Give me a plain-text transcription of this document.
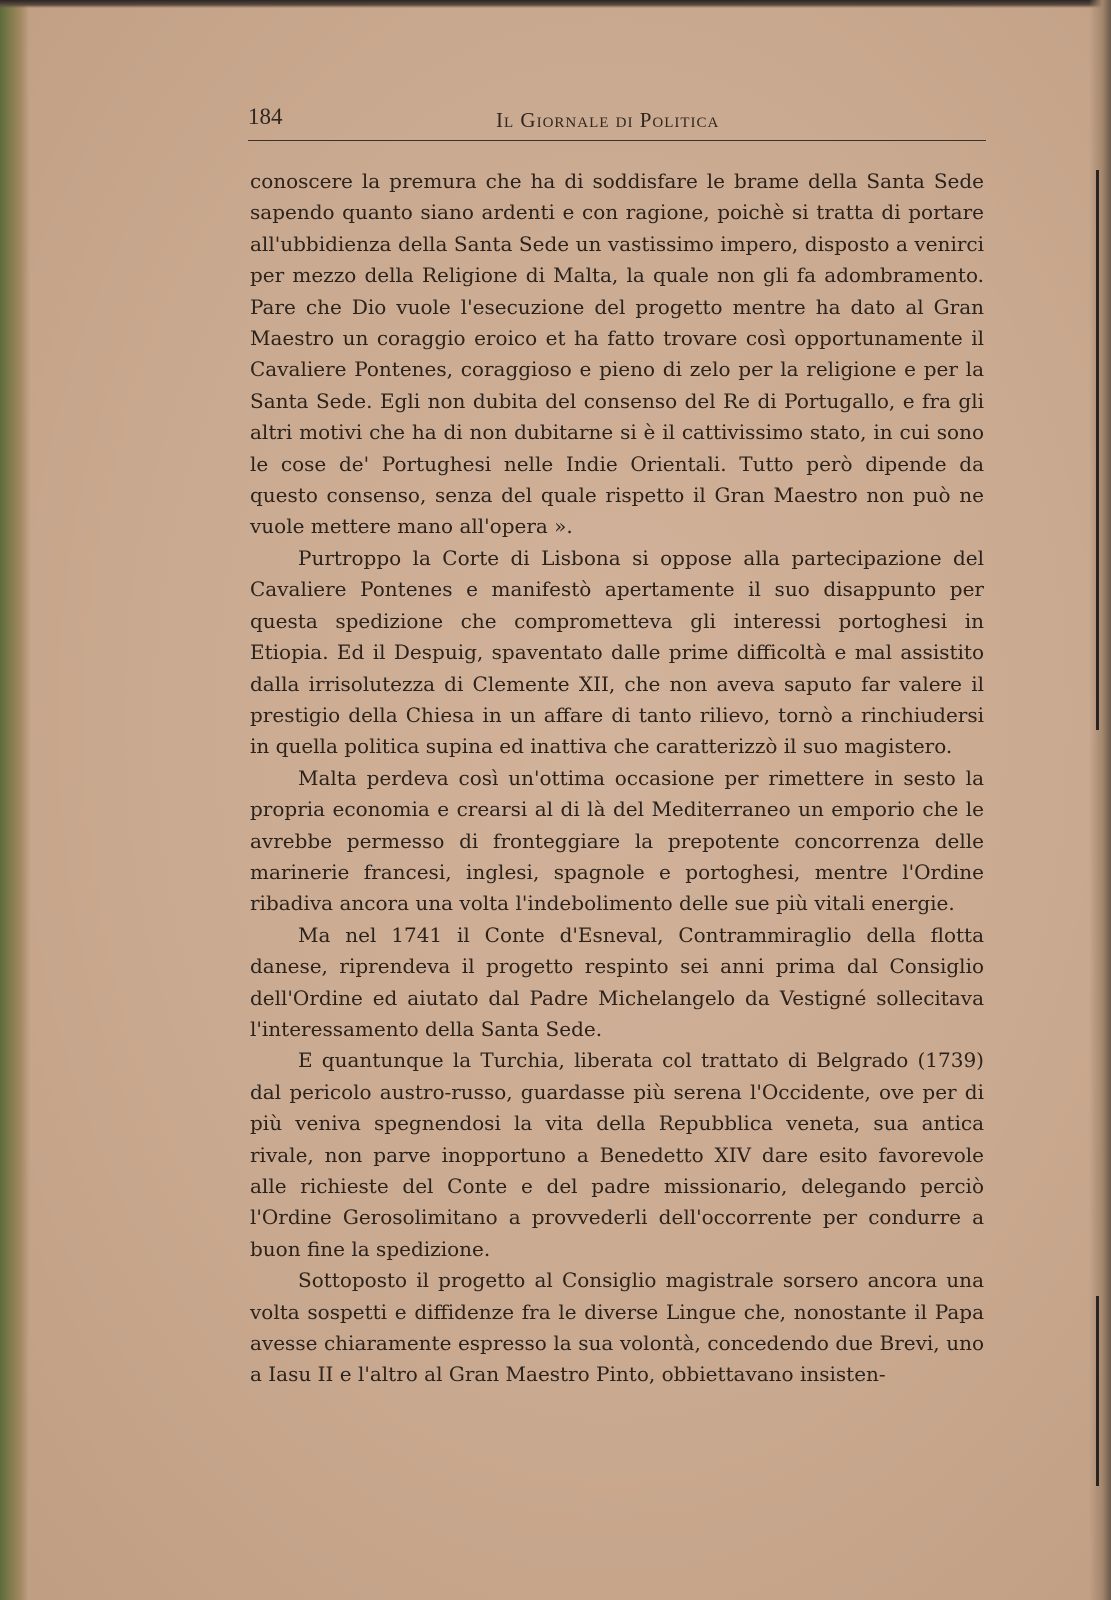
184	Il Giornale di Politica

conoscere la premura che ha di soddisfare le brame della Santa Sede sapendo quanto siano ardenti e con ragione, poichè si tratta di portare all'ubbidienza della Santa Sede un vastissimo impero, disposto a venirci per mezzo della Religione di Malta, la quale non gli fa adombramento. Pare che Dio vuole l'esecuzione del progetto mentre ha dato al Gran Maestro un coraggio eroico et ha fatto trovare così opportunamente il Cavaliere Pontenes, coraggioso e pieno di zelo per la religione e per la Santa Sede. Egli non dubita del consenso del Re di Portugallo, e fra gli altri motivi che ha di non dubitarne si è il cattivissimo stato, in cui sono le cose de' Portughesi nelle Indie Orientali. Tutto però dipende da questo consenso, senza del quale rispetto il Gran Maestro non può ne vuole mettere mano all'opera ».

Purtroppo la Corte di Lisbona si oppose alla partecipazione del Cavaliere Pontenes e manifestò apertamente il suo disappunto per questa spedizione che comprometteva gli interessi portoghesi in Etiopia. Ed il Despuig, spaventato dalle prime difficoltà e mal assistito dalla irrisolutezza di Clemente XII, che non aveva saputo far valere il prestigio della Chiesa in un affare di tanto rilievo, tornò a rinchiudersi in quella politica supina ed inattiva che caratterizzò il suo magistero.

Malta perdeva così un'ottima occasione per rimettere in sesto la propria economia e crearsi al di là del Mediterraneo un emporio che le avrebbe permesso di fronteggiare la prepotente concorrenza delle marinerie francesi, inglesi, spagnole e portoghesi, mentre l'Ordine ribadiva ancora una volta l'indebolimento delle sue più vitali energie.

Ma nel 1741 il Conte d'Esneval, Contrammiraglio della flotta danese, riprendeva il progetto respinto sei anni prima dal Consiglio dell'Ordine ed aiutato dal Padre Michelangelo da Vestigné sollecitava l'interessamento della Santa Sede.

E quantunque la Turchia, liberata col trattato di Belgrado (1739) dal pericolo austro-russo, guardasse più serena l'Occidente, ove per di più veniva spegnendosi la vita della Repubblica veneta, sua antica rivale, non parve inopportuno a Benedetto XIV dare esito favorevole alle richieste del Conte e del padre missionario, delegando perciò l'Ordine Gerosolimitano a provvederli dell'occorrente per condurre a buon fine la spedizione.

Sottoposto il progetto al Consiglio magistrale sorsero ancora una volta sospetti e diffidenze fra le diverse Lingue che, nonostante il Papa avesse chiaramente espresso la sua volontà, concedendo due Brevi, uno a Iasu II e l'altro al Gran Maestro Pinto, obbiettavano insisten-
